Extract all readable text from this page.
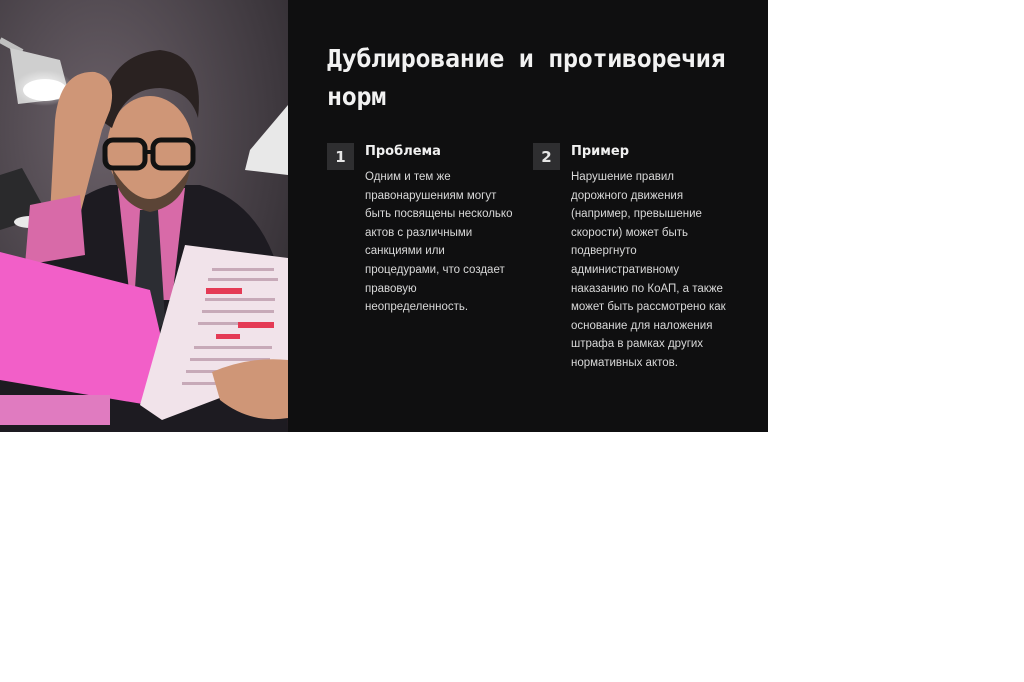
Дублирование и противоречия норм
1	Проблема
Одним и тем же правонарушениям могут быть посвящены несколько актов с различными санкциями или процедурами, что создает правовую неопределенность.
2	Пример
Нарушение правил дорожного движения (например, превышение скорости) может быть подвергнуто административному наказанию по КоАП, а также может быть рассмотрено как основание для наложения штрафа в рамках других нормативных актов.
